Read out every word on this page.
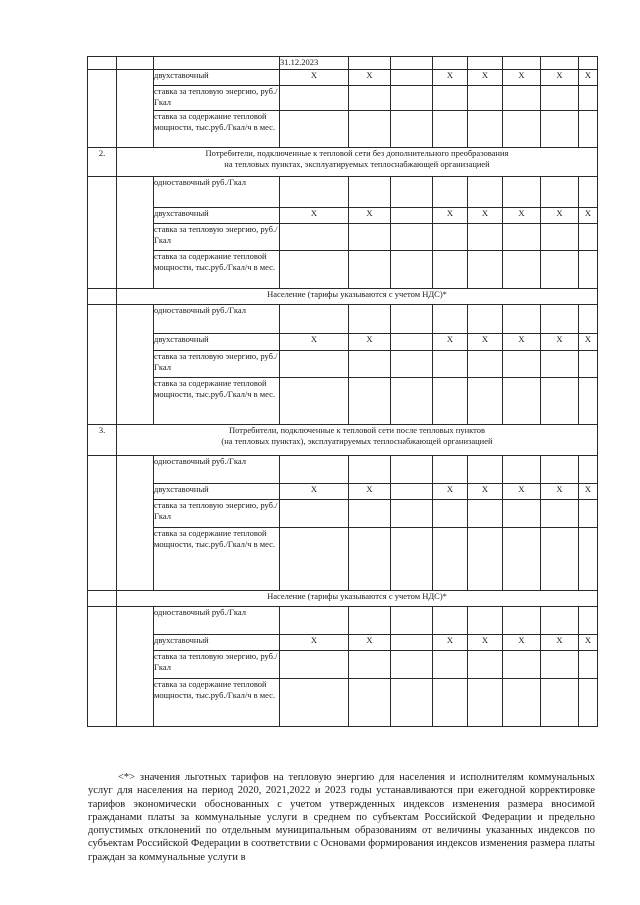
			31.12.2023							
		двухставочный	X	X		X	X	X	X	X
		ставка за тепловую энергию, руб./Гкал								
		ставка за содержание тепловой мощности, тыс.руб./Гкал/ч в мес.								
2.	Потребители, подключенные к тепловой сети без дополнительного преобразования
на тепловых пунктах, эксплуатируемых теплоснабжающей организацией									

		одноставочный руб./Гкал								
		двухставочный	X	X		X	X	X	X	X
		ставка за тепловую энергию, руб./Гкал								
		ставка за содержание тепловой мощности, тыс.руб./Гкал/ч в мес.								
	Население (тарифы указываются с учетом НДС)*									
		одноставочный руб./Гкал								
		двухставочный	X	X		X	X	X	X	X
		ставка за тепловую энергию, руб./Гкал								
		ставка за содержание тепловой мощности, тыс.руб./Гкал/ч в мес.								
3.	Потребители, подключенные к тепловой сети после тепловых пунктов
(на тепловых пунктах), эксплуатируемых теплоснабжающей организацией									

		одноставочный руб./Гкал								
		двухставочный	X	X		X	X	X	X	X
		ставка за тепловую энергию, руб./Гкал								
		ставка за содержание тепловой мощности, тыс.руб./Гкал/ч в мес.								
	Население (тарифы указываются с учетом НДС)*									
		одноставочный руб./Гкал								
		двухставочный	X	X		X	X	X	X	X
		ставка за тепловую энергию, руб./Гкал								
		ставка за содержание тепловой мощности, тыс.руб./Гкал/ч в мес.								

<*> значения льготных тарифов на тепловую энергию для населения и исполнителям коммунальных услуг для населения на период 2020, 2021,2022 и 2023 годы устанавливаются при ежегодной корректировке тарифов экономически обоснованных с учетом утвержденных индексов изменения размера вносимой гражданами платы за коммунальные услуги в среднем по субъектам Российской Федерации и предельно допустимых отклонений по отдельным муниципальным образованиям от величины указанных индексов по субъектам Российской Федерации в соответствии с Основами формирования индексов изменения размера платы граждан за коммунальные услуги в
